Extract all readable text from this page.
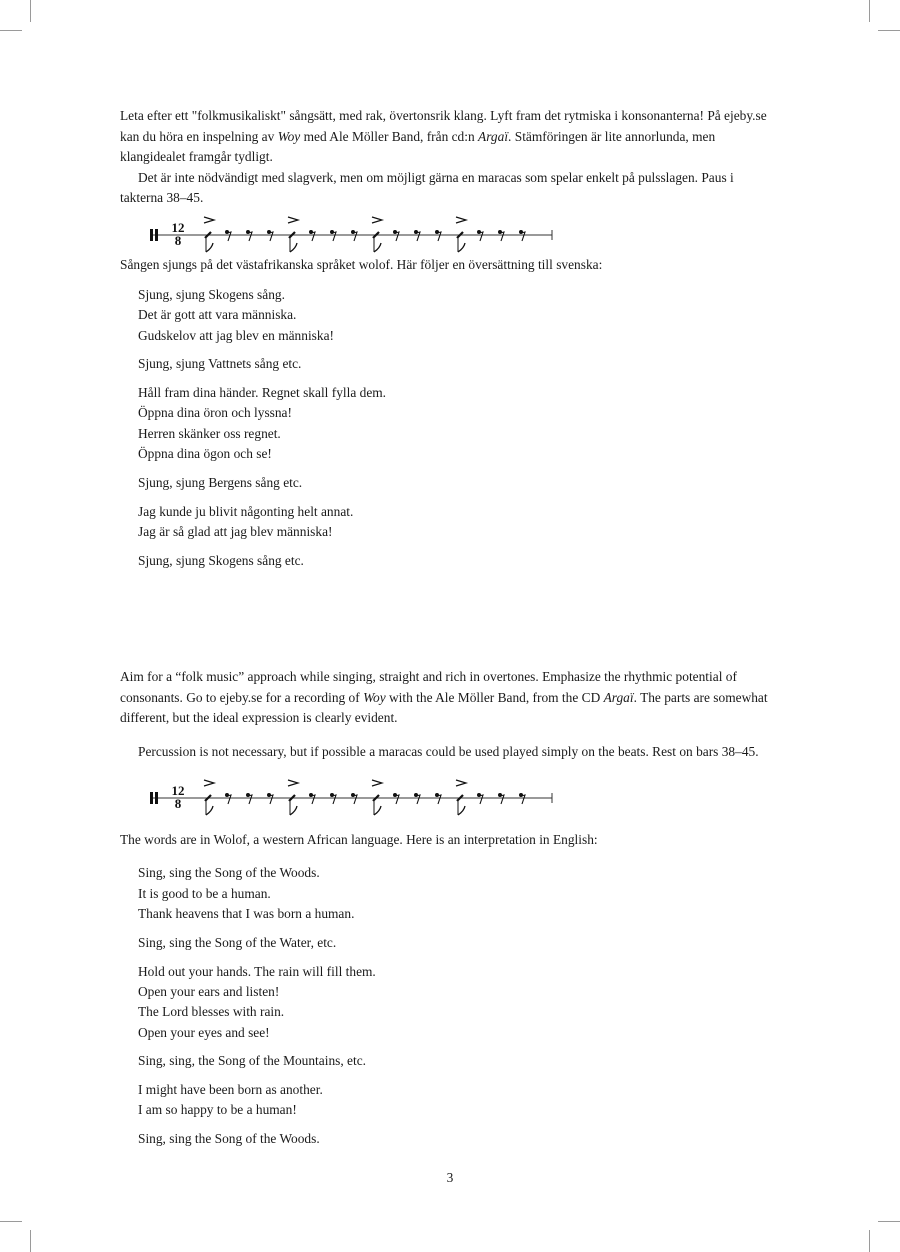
Leta efter ett "folkmusikaliskt" sångsätt, med rak, övertonsrik klang. Lyft fram det rytmiska i konsonanterna! På ejeby.se kan du höra en inspelning av Woy med Ale Möller Band, från cd:n Argaï. Stämföringen är lite annorlunda, men klangidealet framgår tydligt.

Det är inte nödvändigt med slagverk, men om möjligt gärna en maracas som spelar enkelt på pulsslagen. Paus i takterna 38–45.

12
8

Sången sjungs på det västafrikanska språket wolof. Här följer en översättning till svenska:

Sjung, sjung Skogens sång.
Det är gott att vara människa.
Gudskelov att jag blev en människa!
Sjung, sjung Vattnets sång etc.
Håll fram dina händer. Regnet skall fylla dem.
Öppna dina öron och lyssna!
Herren skänker oss regnet.
Öppna dina ögon och se!
Sjung, sjung Bergens sång etc.
Jag kunde ju blivit någonting helt annat.
Jag är så glad att jag blev människa!
Sjung, sjung Skogens sång etc.

Aim for a “folk music” approach while singing, straight and rich in overtones. Emphasize the rhythmic potential of consonants. Go to ejeby.se for a recording of Woy with the Ale Möller Band, from the CD Argaï. The parts are somewhat different, but the ideal expression is clearly evident.

Percussion is not necessary, but if possible a maracas could be used played simply on the beats. Rest on bars 38–45.

12
8

The words are in Wolof, a western African language. Here is an interpretation in English:

Sing, sing the Song of the Woods.
It is good to be a human.
Thank heavens that I was born a human.
Sing, sing the Song of the Water, etc.
Hold out your hands. The rain will fill them.
Open your ears and listen!
The Lord blesses with rain.
Open your eyes and see!
Sing, sing, the Song of the Mountains, etc.
I might have been born as another.
I am so happy to be a human!
Sing, sing the Song of the Woods.
3
